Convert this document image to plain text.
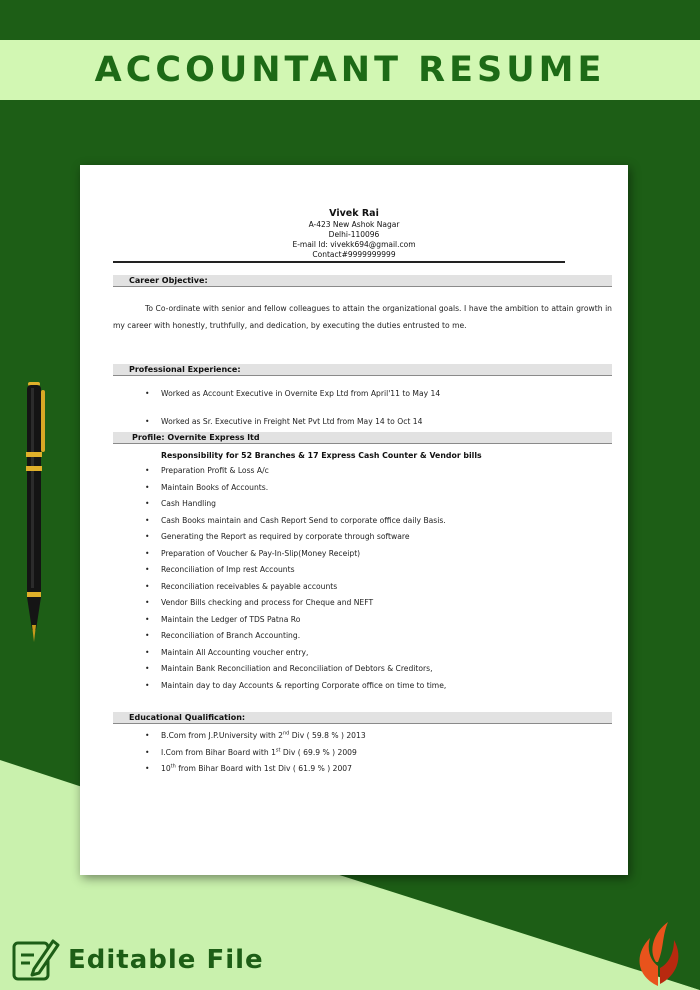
ACCOUNTANT RESUME
Vivek Rai
A-423 New Ashok Nagar
Delhi-110096
E-mail Id: vivekk694@gmail.com
Contact#9999999999
Career Objective:
To Co-ordinate with senior and fellow colleagues to attain the organizational goals. I have the ambition to attain growth in my career with honestly, truthfully, and dedication, by executing the duties entrusted to me.
Professional Experience:
• Worked as Account Executive in Overnite Exp Ltd from April'11 to May 14
• Worked as Sr. Executive in Freight Net Pvt Ltd from May 14 to Oct 14
Profile: Overnite Express ltd
Responsibility for 52 Branches & 17 Express Cash Counter & Vendor bills
• Preparation Profit & Loss A/c
• Maintain Books of Accounts.
• Cash Handling
• Cash Books maintain and Cash Report Send to corporate office daily Basis.
• Generating the Report as required by corporate through software
• Preparation of Voucher & Pay-In-Slip(Money Receipt)
• Reconciliation of Imp rest Accounts
• Reconciliation receivables & payable accounts
• Vendor Bills checking and process for Cheque and NEFT
• Maintain the Ledger of TDS Patna Ro
• Reconciliation of Branch Accounting.
• Maintain All Accounting voucher entry,
• Maintain Bank Reconciliation and Reconciliation of Debtors & Creditors,
• Maintain day to day Accounts & reporting Corporate office on time to time,
Educational Qualification:
• B.Com from J.P.University with 2nd Div ( 59.8 % ) 2013
• I.Com from Bihar Board with 1st Div ( 69.9 % ) 2009
• 10th from Bihar Board with 1st Div ( 61.9 % ) 2007
Editable File
